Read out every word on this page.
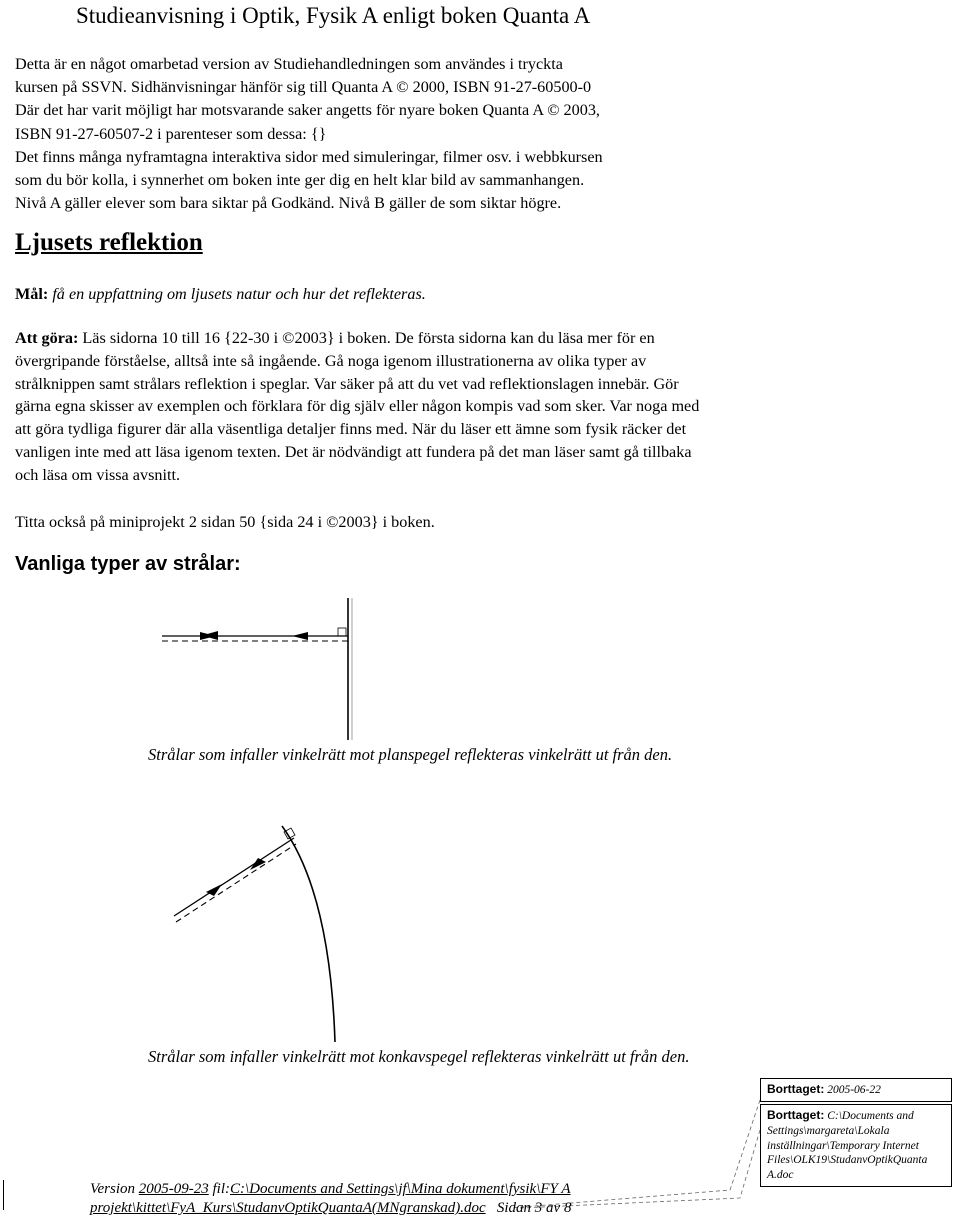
Studieanvisning i Optik, Fysik A enligt boken Quanta A

Detta är en något omarbetad version av Studiehandledningen som användes i tryckta

kursen på SSVN. Sidhänvisningar hänför sig till Quanta A © 2000, ISBN 91-27-60500-0

Där det har varit möjligt har motsvarande saker angetts för nyare boken Quanta A © 2003,

ISBN 91-27-60507-2 i parenteser som dessa: {}

Det finns många nyframtagna interaktiva sidor med simuleringar, filmer osv. i webbkursen

som du bör kolla, i synnerhet om boken inte ger dig en helt klar bild av sammanhangen.

Nivå A gäller elever som bara siktar på Godkänd. Nivå B gäller de som siktar högre.

Ljusets reflektion
Mål: få en uppfattning om ljusets natur och hur det reflekteras.
Att göra: Läs sidorna 10 till 16 {22-30 i ©2003} i boken. De första sidorna kan du läsa mer för en övergripande förståelse, alltså inte så ingående. Gå noga igenom illustrationerna av olika typer av strålknippen samt strålars reflektion i speglar. Var säker på att du vet vad reflektionslagen innebär. Gör gärna egna skisser av exemplen och förklara för dig själv eller någon kompis vad som sker. Var noga med att göra tydliga figurer där alla väsentliga detaljer finns med. När du läser ett ämne som fysik räcker det vanligen inte med att läsa igenom texten. Det är nödvändigt att fundera på det man läser samt gå tillbaka och läsa om vissa avsnitt.
Titta också på miniprojekt 2 sidan 50 {sida 24 i ©2003} i boken.
Vanliga typer av strålar:
Strålar som infaller vinkelrätt mot planspegel reflekteras vinkelrätt ut från den.
Strålar som infaller vinkelrätt mot konkavspegel reflekteras vinkelrätt ut från den.
Borttaget: 2005-06-22
Borttaget: C:\Documents and Settings\margareta\Lokala inställningar\Temporary Internet Files\OLK19\StudanvOptikQuanta A.doc
Version 2005-09-23 fil:C:\Documents and Settings\jf\Mina dokument\fysik\FY A
projekt\kittet\FyA_Kurs\StudanvOptikQuantaA(MNgranskad).doc Sidan 3 av 8
